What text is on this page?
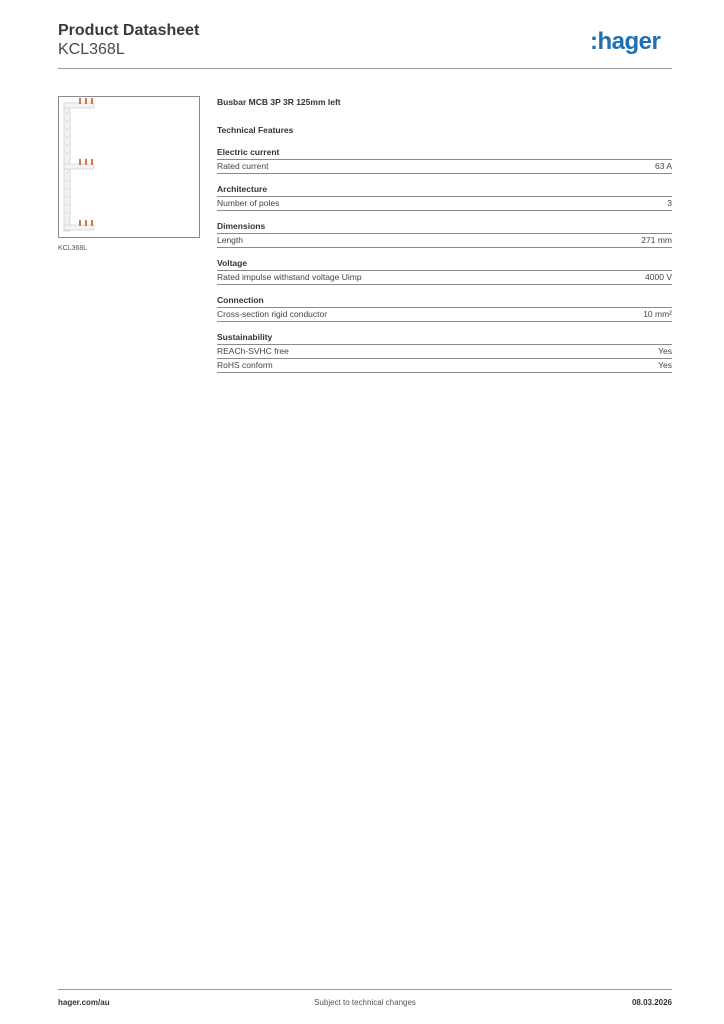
Product Datasheet
KCL368L	:hager
KCL368L
Busbar MCB 3P 3R 125mm left
Technical Features
Electric current
Rated current	63 A
Architecture
Number of poles	3
Dimensions
Length	271 mm
Voltage
Rated impulse withstand voltage Uimp	4000 V
Connection
Cross-section rigid conductor	10 mm²
Sustainability
REACh-SVHC free	Yes
RoHS conform	Yes
hager.com/au	Subject to technical changes	08.03.2026
